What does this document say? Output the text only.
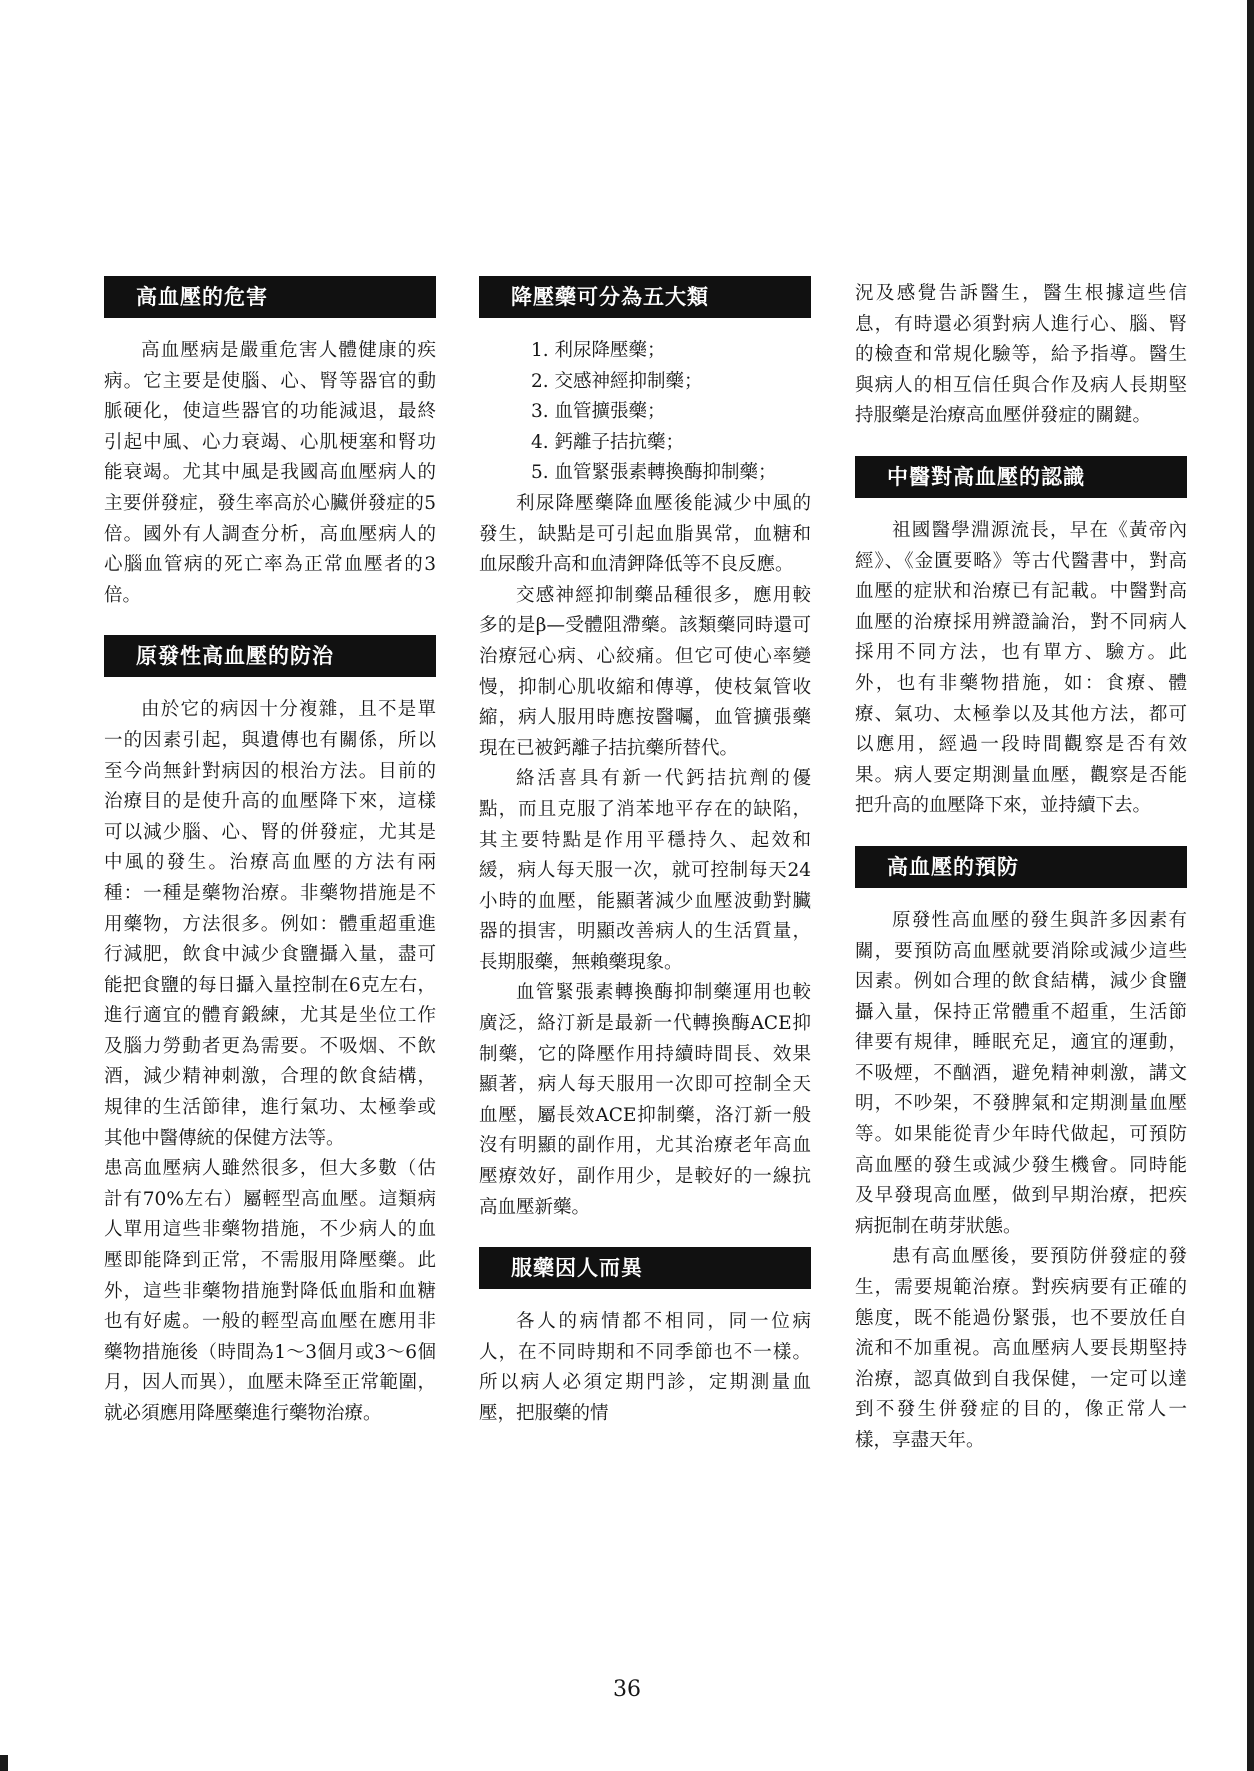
高血壓的危害

高血壓病是嚴重危害人體健康的疾病。它主要是使腦、心、腎等器官的動脈硬化，使這些器官的功能減退，最終引起中風、心力衰竭、心肌梗塞和腎功能衰竭。尤其中風是我國高血壓病人的主要併發症，發生率高於心臟併發症的5倍。國外有人調查分析，高血壓病人的心腦血管病的死亡率為正常血壓者的3倍。

原發性高血壓的防治

由於它的病因十分複雜，且不是單一的因素引起，與遺傳也有關係，所以至今尚無針對病因的根治方法。目前的治療目的是使升高的血壓降下來，這樣可以減少腦、心、腎的併發症，尤其是中風的發生。治療高血壓的方法有兩種：一種是藥物治療。非藥物措施是不用藥物，方法很多。例如：體重超重進行減肥，飲食中減少食鹽攝入量，盡可能把食鹽的每日攝入量控制在6克左右，進行適宜的體育鍛練，尤其是坐位工作及腦力勞動者更為需要。不吸烟、不飲酒，減少精神刺激，合理的飲食結構，規律的生活節律，進行氣功、太極拳或其他中醫傳統的保健方法等。

患高血壓病人雖然很多，但大多數（估計有70%左右）屬輕型高血壓。這類病人單用這些非藥物措施，不少病人的血壓即能降到正常，不需服用降壓藥。此外，這些非藥物措施對降低血脂和血糖也有好處。一般的輕型高血壓在應用非藥物措施後（時間為1～3個月或3～6個月，因人而異），血壓未降至正常範圍，就必須應用降壓藥進行藥物治療。

降壓藥可分為五大類

1. 利尿降壓藥；

2. 交感神經抑制藥；

3. 血管擴張藥；

4. 鈣離子拮抗藥；

5. 血管緊張素轉換酶抑制藥；

利尿降壓藥降血壓後能減少中風的發生，缺點是可引起血脂異常，血糖和血尿酸升高和血清鉀降低等不良反應。

交感神經抑制藥品種很多，應用較多的是β—受體阻滯藥。該類藥同時還可治療冠心病、心絞痛。但它可使心率變慢，抑制心肌收縮和傳導，使枝氣管收縮，病人服用時應按醫囑，血管擴張藥現在已被鈣離子拮抗藥所替代。

絡活喜具有新一代鈣拮抗劑的優點，而且克服了消苯地平存在的缺陷，其主要特點是作用平穩持久、起效和緩，病人每天服一次，就可控制每天24小時的血壓，能顯著減少血壓波動對臟器的損害，明顯改善病人的生活質量，長期服藥，無賴藥現象。

血管緊張素轉換酶抑制藥運用也較廣泛，絡汀新是最新一代轉換酶ACE抑制藥，它的降壓作用持續時間長、效果顯著，病人每天服用一次即可控制全天血壓，屬長效ACE抑制藥，洛汀新一般沒有明顯的副作用，尤其治療老年高血壓療效好，副作用少，是較好的一線抗高血壓新藥。

服藥因人而異

各人的病情都不相同，同一位病人，在不同時期和不同季節也不一樣。所以病人必須定期門診，定期測量血壓，把服藥的情

況及感覺告訴醫生，醫生根據這些信息，有時還必須對病人進行心、腦、腎的檢查和常規化驗等，給予指導。醫生與病人的相互信任與合作及病人長期堅持服藥是治療高血壓併發症的關鍵。

中醫對高血壓的認識

祖國醫學淵源流長，早在《黃帝內經》、《金匱要略》等古代醫書中，對高血壓的症狀和治療已有記載。中醫對高血壓的治療採用辨證論治，對不同病人採用不同方法，也有單方、驗方。此外，也有非藥物措施，如：食療、體療、氣功、太極拳以及其他方法，都可以應用，經過一段時間觀察是否有效果。病人要定期測量血壓，觀察是否能把升高的血壓降下來，並持續下去。

高血壓的預防

原發性高血壓的發生與許多因素有關，要預防高血壓就要消除或減少這些因素。例如合理的飲食結構，減少食鹽攝入量，保持正常體重不超重，生活節律要有規律，睡眠充足，適宜的運動，不吸煙，不酗酒，避免精神刺激，講文明，不吵架，不發脾氣和定期測量血壓等。如果能從青少年時代做起，可預防高血壓的發生或減少發生機會。同時能及早發現高血壓，做到早期治療，把疾病扼制在萌芽狀態。

患有高血壓後，要預防併發症的發生，需要規範治療。對疾病要有正確的態度，既不能過份緊張，也不要放任自流和不加重視。高血壓病人要長期堅持治療，認真做到自我保健，一定可以達到不發生併發症的目的，像正常人一樣，享盡天年。

36
